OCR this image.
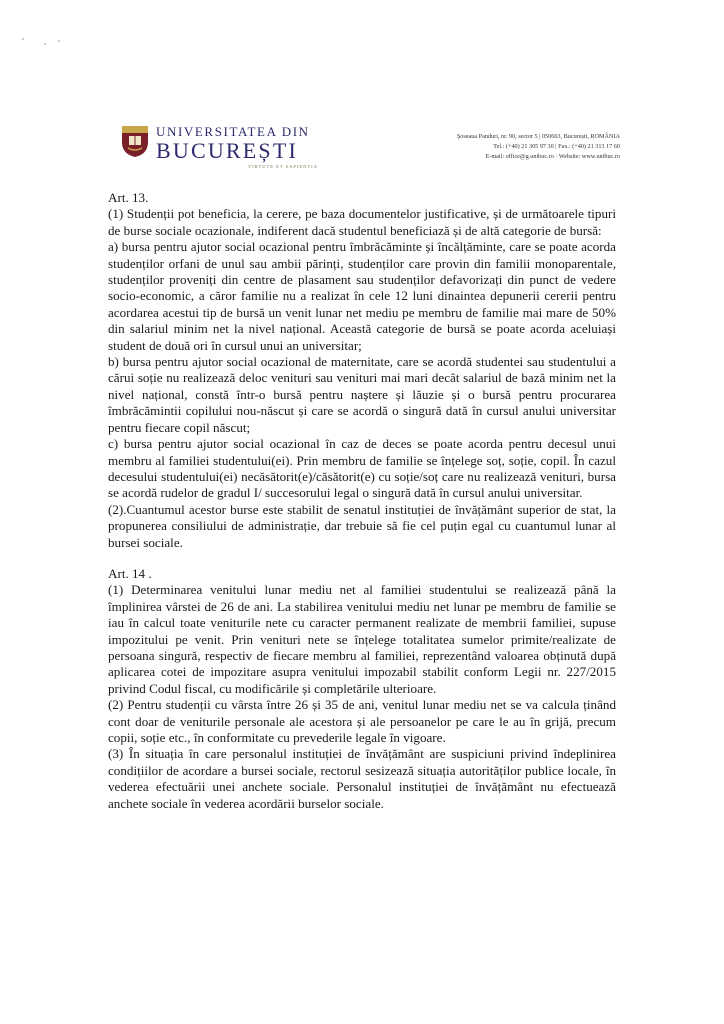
UNIVERSITATEA DIN
BUCUREȘTI
VIRTUTE ET SAPIENTIA
Șoseaua Panduri, nr. 90, sector 5 | 050663, București, ROMÂNIA
Tel.: (+40) 21 305 97 30 | Fax.: (+40) 21 313 17 60
E-mail: office@g.unibuc.ro · Website: www.unibuc.ro

Art. 13.

(1) Studenții pot beneficia, la cerere, pe baza documentelor justificative, și de următoarele tipuri de burse sociale ocazionale, indiferent dacă studentul beneficiază și de altă categorie de bursă:

a) bursa pentru ajutor social ocazional pentru îmbrăcăminte și încălțăminte, care se poate acorda studenților orfani de unul sau ambii părinți, studenților care provin din familii monoparentale, studenților proveniți din centre de plasament sau studenților defavorizați din punct de vedere socio-economic, a căror familie nu a realizat în cele 12 luni dinaintea depunerii cererii pentru acordarea acestui tip de bursă un venit lunar net mediu pe membru de familie mai mare de 50% din salariul minim net la nivel național. Această categorie de bursă se poate acorda aceluiași student de două ori în cursul unui an universitar;

b) bursa pentru ajutor social ocazional de maternitate, care se acordă studentei sau studentului a cărui soție nu realizează deloc venituri sau venituri mai mari decât salariul de bază minim net la nivel național, constă într-o bursă pentru naștere și lăuzie și o bursă pentru procurarea îmbrăcămintii copilului nou-născut și care se acordă o singură dată în cursul anului universitar pentru fiecare copil născut;

c) bursa pentru ajutor social ocazional în caz de deces se poate acorda pentru decesul unui membru al familiei studentului(ei). Prin membru de familie se înțelege soț, soție, copil. În cazul decesului studentului(ei) necăsătorit(e)/căsătorit(e) cu soție/soț care nu realizează venituri, bursa se acordă rudelor de gradul I/ succesorului legal o singură dată în cursul anului universitar.

(2).Cuantumul acestor burse este stabilit de senatul instituției de învățământ superior de stat, la propunerea consiliului de administrație, dar trebuie să fie cel puțin egal cu cuantumul lunar al bursei sociale.

Art. 14 .

(1) Determinarea venitului lunar mediu net al familiei studentului se realizează până la împlinirea vârstei de 26 de ani. La stabilirea venitului mediu net lunar pe membru de familie se iau în calcul toate veniturile nete cu caracter permanent realizate de membrii familiei, supuse impozitului pe venit. Prin venituri nete se înțelege totalitatea sumelor primite/realizate de persoana singură, respectiv de fiecare membru al familiei, reprezentând valoarea obținută după aplicarea cotei de impozitare asupra venitului impozabil stabilit conform Legii nr. 227/2015 privind Codul fiscal, cu modificările și completările ulterioare.

(2) Pentru studenții cu vârsta între 26 și 35 de ani, venitul lunar mediu net se va calcula ținând cont doar de veniturile personale ale acestora și ale persoanelor pe care le au în grijă, precum copii, soție etc., în conformitate cu prevederile legale în vigoare.

(3) În situația în care personalul instituției de învățământ are suspiciuni privind îndeplinirea condițiilor de acordare a bursei sociale, rectorul sesizează situația autorităților publice locale, în vederea efectuării unei anchete sociale. Personalul instituției de învățământ nu efectuează anchete sociale în vederea acordării burselor sociale.
